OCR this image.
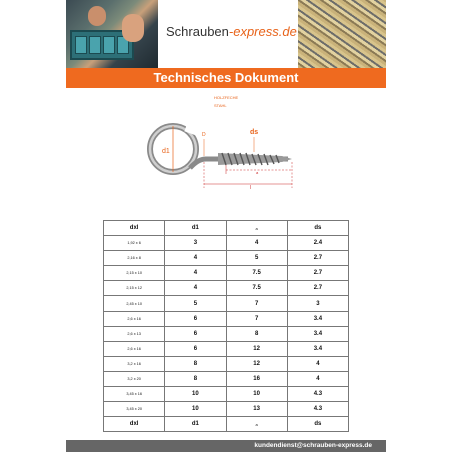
Schrauben-express.de
Technisches Dokument
HOLZFECHE
STAHL
d1
D	ds
a
l
dxl	d1	a	ds
1,92 x 6	3	4	2.4
2,16 x 8	4	5	2.7
2,15 x 10	4	7.5	2.7
2,15 x 12	4	7.5	2.7
2,45 x 10	5	7	3
2,6 x 16	6	7	3.4
2,6 x 13	6	8	3.4
2,6 x 16	6	12	3.4
3,2 x 16	8	12	4
3,2 x 20	8	16	4
3,45 x 16	10	10	4.3
3,45 x 20	10	13	4.3
dxl	d1	a	ds
kundendienst@schrauben-express.de
